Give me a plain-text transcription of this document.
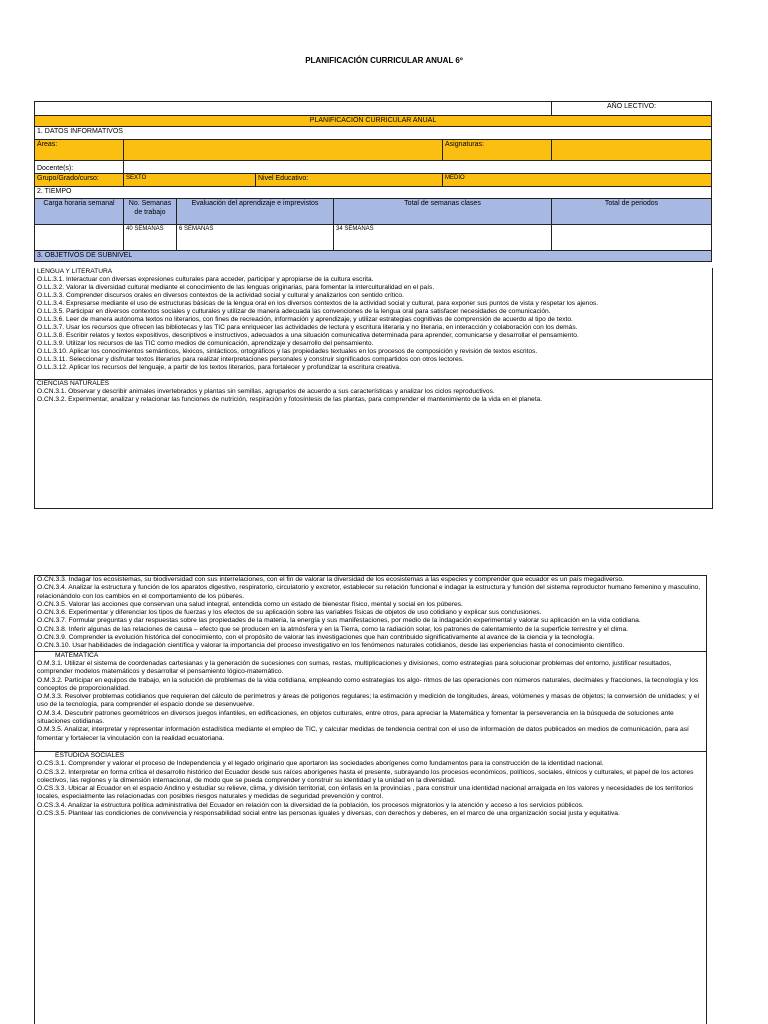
PLANIFICACIÓN CURRICULAR ANUAL 6º
						AÑO LECTIVO:
PLANIFICACIÓN CURRICULAR ANUAL						
1. DATOS INFORMATIVOS						
Áreas:					Asignaturas:	
Docente(s):						
Grupo/Grado/curso:	SEXTO		Nivel Educativo:		MEDIO	
2. TIEMPO						
Carga horaria semanal	No. Semanas de trabajo	Evaluación del aprendizaje e imprevistos		Total de semanas clases		Total de periodos
	40 SEMANAS	6 SEMANAS		34 SEMANAS		
3. OBJETIVOS DE SUBNIVEL						

LENGUA Y LITERATURA

O.LL.3.1. Interactuar con diversas expresiones culturales para acceder, participar y apropiarse de la cultura escrita.

O.LL.3.2. Valorar la diversidad cultural mediante el conocimiento de las lenguas originarias, para fomentar la interculturalidad en el país.

O.LL.3.3. Comprender discursos orales en diversos contextos de la actividad social y cultural y analizarlos con sentido crítico.

O.LL.3.4. Expresarse mediante el uso de estructuras básicas de la lengua oral en los diversos contextos de la actividad social y cultural, para exponer sus puntos de vista y respetar los ajenos.

O.LL.3.5. Participar en diversos contextos sociales y culturales y utilizar de manera adecuada las convenciones de la lengua oral para satisfacer necesidades de comunicación.

O.LL.3.6. Leer de manera autónoma textos no literarios, con fines de recreación, información y aprendizaje, y utilizar estrategias cognitivas de comprensión de acuerdo al tipo de texto.

O.LL.3.7. Usar los recursos que ofrecen las bibliotecas y las TIC para enriquecer las actividades de lectura y escritura literaria y no literaria, en interacción y colaboración con los demás.

O.LL.3.8. Escribir relatos y textos expositivos, descriptivos e instructivos, adecuados a una situación comunicativa determinada para aprender, comunicarse y desarrollar el pensamiento.

O.LL.3.9. Utilizar los recursos de las TIC como medios de comunicación, aprendizaje y desarrollo del pensamiento.

O.LL.3.10. Aplicar los conocimientos semánticos, léxicos, sintácticos, ortográficos y las propiedades textuales en los procesos de composición y revisión de textos escritos.

O.LL.3.11. Seleccionar y disfrutar textos literarios para realizar interpretaciones personales y construir significados compartidos con otros lectores.

O.LL.3.12. Aplicar los recursos del lenguaje, a partir de los textos literarios, para fortalecer y profundizar la escritura creativa.

CIENCIAS NATURALES

O.CN.3.1. Observar y describir animales invertebrados y plantas sin semillas, agruparlos de acuerdo a sus características y analizar los ciclos reproductivos.

O.CN.3.2. Experimentar, analizar y relacionar las funciones de nutrición, respiración y fotosíntesis de las plantas, para comprender el mantenimiento de la vida en el planeta.

O.CN.3.3. Indagar los ecosistemas, su biodiversidad con sus interrelaciones, con el fin de valorar la diversidad de los ecosistemas a las especies y comprender que ecuador es un país megadiverso.

O.CN.3.4. Analizar la estructura y función de los aparatos digestivo, respiratorio, circulatorio y excretor, establecer su relación funcional e indagar la estructura y función del sistema reproductor humano femenino y masculino, relacionándolo con los cambios en el comportamiento de los púberes.

O.CN.3.5. Valorar las acciones que conservan una salud integral, entendida como un estado de bienestar físico, mental y social en los púberes.

O.CN.3.6. Experimentar y diferenciar los tipos de fuerzas y los efectos de su aplicación sobre las variables físicas de objetos de uso cotidiano y explicar sus conclusiones.

O.CN.3.7. Formular preguntas y dar respuestas sobre las propiedades de la materia, la energía y sus manifestaciones, por medio de la indagación experimental y valorar su aplicación en la vida cotidiana.

O.CN.3.8. Inferir algunas de las relaciones de causa – efecto que se producen en la atmósfera y en la Tierra, como la radiación solar, los patrones de calentamiento de la superficie terrestre y el clima.

O.CN.3.9. Comprender la evolución histórica del conocimiento, con el propósito de valorar las investigaciones que han contribuido significativamente al avance de la ciencia y la tecnología.

O.CN.3.10. Usar habilidades de indagación científica y valorar la importancia del proceso investigativo en los fenómenos naturales cotidianos, desde las experiencias hasta el conocimiento científico.

MATEMÁTICA

O.M.3.1. Utilizar el sistema de coordenadas cartesianas y la generación de sucesiones con sumas, restas, multiplicaciones y divisiones, como estrategias para solucionar problemas del entorno, justificar resultados, comprender modelos matemáticos y desarrollar el pensamiento lógico-matemático.

O.M.3.2. Participar en equipos de trabajo, en la solución de problemas de la vida cotidiana, empleando como estrategias los algo- ritmos de las operaciones con números naturales, decimales y fracciones, la tecnología y los conceptos de proporcionalidad.

O.M.3.3. Resolver problemas cotidianos que requieran del cálculo de perímetros y áreas de polígonos regulares; la estimación y medición de longitudes, áreas, volúmenes y masas de objetos; la conversión de unidades; y el uso de la tecnología, para comprender el espacio donde se desenvuelve.

O.M.3.4. Descubrir patrones geométricos en diversos juegos infantiles, en edificaciones, en objetos culturales, entre otros, para apreciar la Matemática y fomentar la perseverancia en la búsqueda de soluciones ante situaciones cotidianas.

O.M.3.5. Analizar, interpretar y representar información estadística mediante el empleo de TIC, y calcular medidas de tendencia central con el uso de información de datos publicados en medios de comunicación, para así fomentar y fortalecer la vinculación con la realidad ecuatoriana.

ESTUDIOA SOCIALES

O.CS.3.1. Comprender y valorar el proceso de Independencia y el legado originario que aportaron las sociedades aborígenes como fundamentos para la construcción de la identidad nacional.

O.CS.3.2. Interpretar en forma crítica el desarrollo histórico del Ecuador desde sus raíces aborígenes hasta el presente, subrayando los procesos económicos, políticos, sociales, étnicos y culturales, el papel de los actores colectivos, las regiones y la dimensión internacional, de modo que se pueda comprender y construir su identidad y la unidad en la diversidad.

O.CS.3.3. Ubicar al Ecuador en el espacio Andino y estudiar su relieve, clima, y división territorial, con énfasis en la provincias , para construir una identidad nacional arraigada en los valores y necesidades de los territorios locales, especialmente las relacionadas con posibles riesgos naturales y medidas de seguridad prevención y control.

O.CS.3.4. Analizar la estructura política administrativa del Ecuador en relación con la diversidad de la población, los procesos migratorios y la atención y acceso a los servicios públicos.

O.CS.3.5. Plantear las condiciones de convivencia y responsabilidad social entre las personas iguales y diversas, con derechos y deberes, en el marco de una organización social justa y equitativa.
